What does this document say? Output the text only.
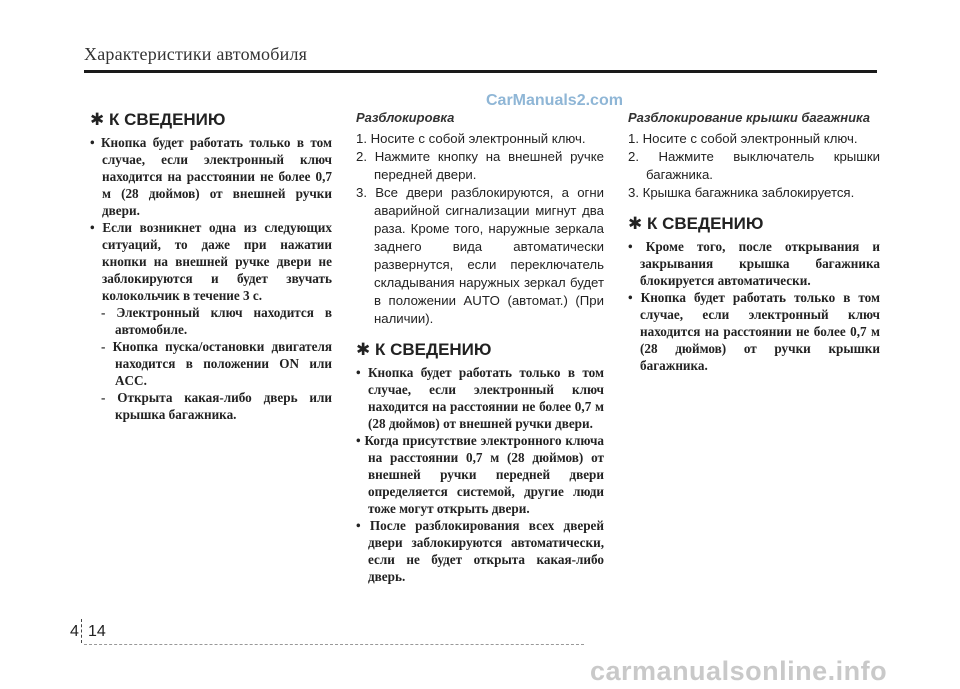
Характеристики автомобиля
CarManuals2.com
✱ К СВЕДЕНИЮ

• Кнопка будет работать только в том случае, если электронный ключ находится на расстоянии не более 0,7 м (28 дюймов) от внешней ручки двери.

• Если возникнет одна из следующих ситуаций, то даже при нажатии кнопки на внешней ручке двери не заблокируются и будет звучать колокольчик в течение 3 с.

- Электронный ключ находится в автомобиле.

- Кнопка пуска/остановки двигателя находится в положении ON или ACC.

- Открыта какая-либо дверь или крышка багажника.

Разблокировка

1. Носите с собой электронный ключ.

2. Нажмите кнопку на внешней ручке передней двери.

3. Все двери разблокируются, а огни аварийной сигнализации мигнут два раза. Кроме того, наружные зеркала заднего вида автоматически развернутся, если переключатель складывания наружных зеркал будет в положении AUTO (автомат.) (При наличии).

✱ К СВЕДЕНИЮ

• Кнопка будет работать только в том случае, если электронный ключ находится на расстоянии не более 0,7 м (28 дюймов) от внешней ручки двери.

• Когда присутствие электронного ключа на расстоянии 0,7 м (28 дюймов) от внешней ручки передней двери определяется системой, другие люди тоже могут открыть двери.

• После разблокирования всех дверей двери заблокируются автоматически, если не будет открыта какая-либо дверь.

Разблокирование крышки багажника

1. Носите с собой электронный ключ.

2. Нажмите выключатель крышки багажника.

3. Крышка багажника заблокируется.

✱ К СВЕДЕНИЮ

• Кроме того, после открывания и закрывания крышка багажника блокируется автоматически.

• Кнопка будет работать только в том случае, если электронный ключ находится на расстоянии не более 0,7 м (28 дюймов) от ручки крышки багажника.

4 14
carmanualsonline.info
